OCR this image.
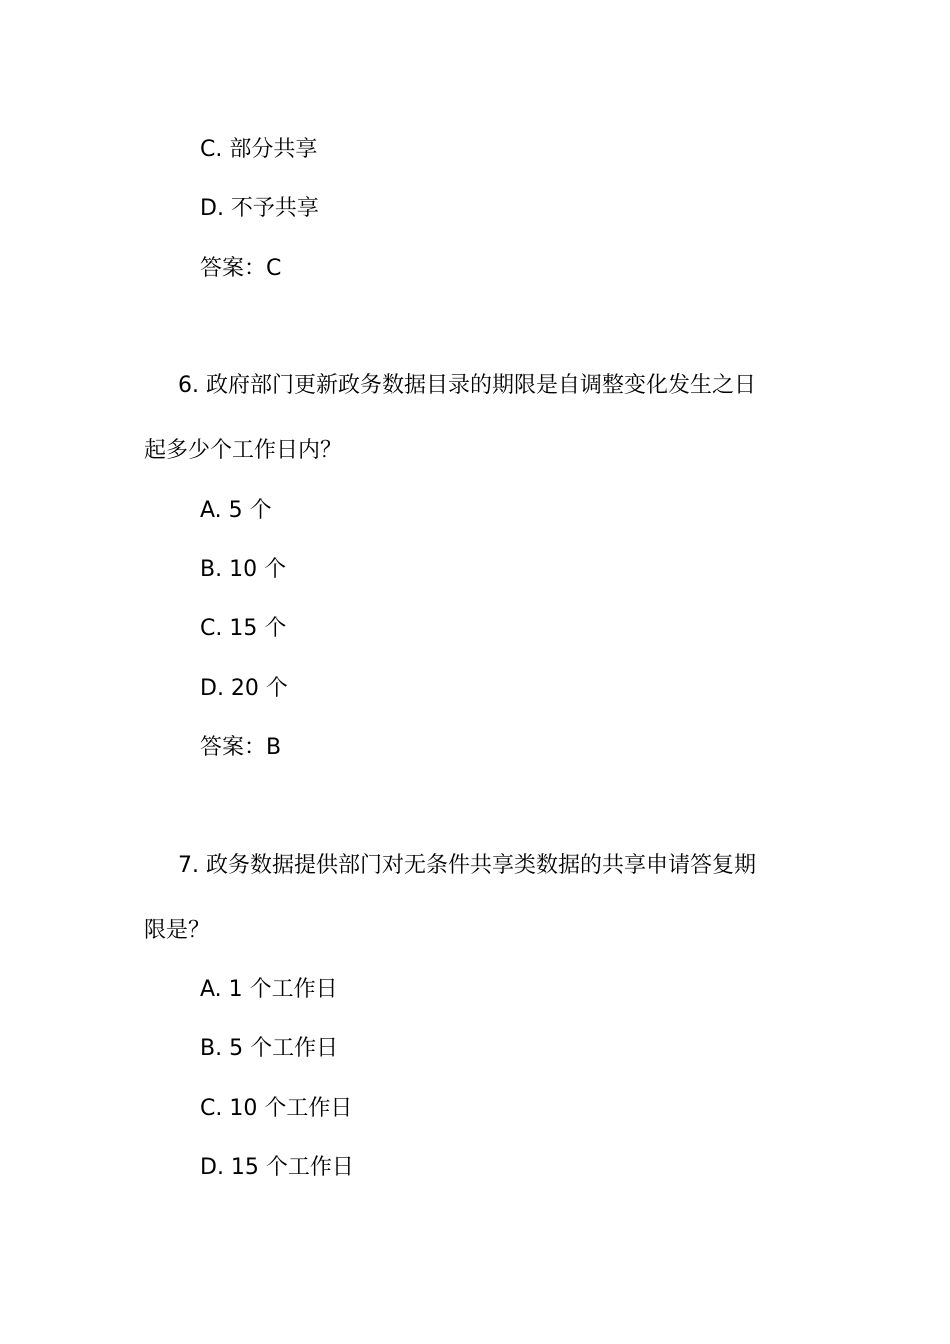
C. 部分共享

D. 不予共享

答案：C

6. 政府部门更新政务数据目录的期限是自调整变化发生之日

起多少个工作日内？

A. 5 个

B. 10 个

C. 15 个

D. 20 个

答案：B

7. 政务数据提供部门对无条件共享类数据的共享申请答复期

限是？

A. 1 个工作日

B. 5 个工作日

C. 10 个工作日

D. 15 个工作日
